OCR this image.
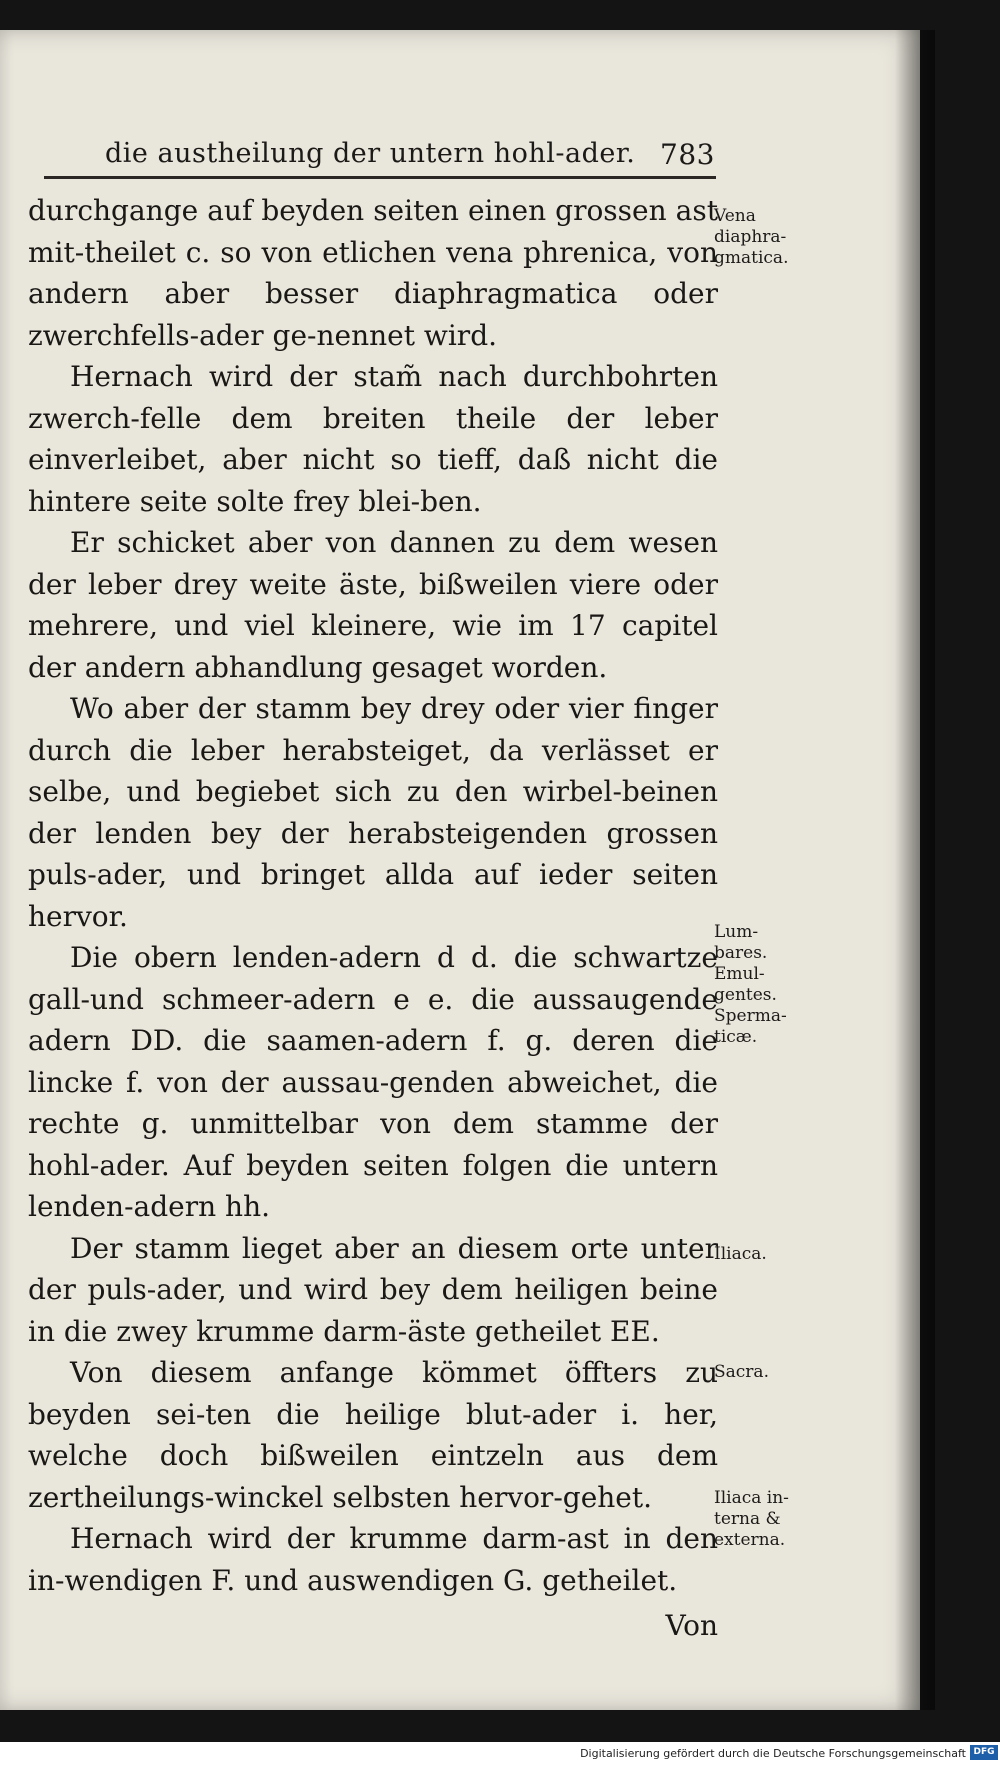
die austheilung der untern hohl-ader. 783

durchgange auf beyden seiten einen grossen ast mit-theilet c. so von etlichen vena phrenica, von andern aber besser diaphragmatica oder zwerchfells-ader ge-nennet wird.

Hernach wird der stam̃ nach durchbohrten zwerch-felle dem breiten theile der leber einverleibet, aber nicht so tieff, daß nicht die hintere seite solte frey blei-ben.

Er schicket aber von dannen zu dem wesen der leber drey weite äste, bißweilen viere oder mehrere, und viel kleinere, wie im 17 capitel der andern abhandlung gesaget worden.

Wo aber der stamm bey drey oder vier finger durch die leber herabsteiget, da verlässet er selbe, und begiebet sich zu den wirbel-beinen der lenden bey der herabsteigenden grossen puls-ader, und bringet allda auf ieder seiten hervor.

Die obern lenden-adern d d. die schwartze gall-und schmeer-adern e e. die aussaugende adern DD. die saamen-adern f. g. deren die lincke f. von der aussau-genden abweichet, die rechte g. unmittelbar von dem stamme der hohl-ader. Auf beyden seiten folgen die untern lenden-adern hh.

Der stamm lieget aber an diesem orte unter der puls-ader, und wird bey dem heiligen beine in die zwey krumme darm-äste getheilet EE.

Von diesem anfange kömmet öffters zu beyden sei-ten die heilige blut-ader i. her, welche doch bißweilen eintzeln aus dem zertheilungs-winckel selbsten hervor-gehet.

Hernach wird der krumme darm-ast in den in-wendigen F. und auswendigen G. getheilet.

Von

Vena diaphra-gmatica.
Lum-bares. Emul-gentes. Sperma-ticæ.
Iliaca.
Sacra.
Iliaca in-terna & externa.
Digitalisierung gefördert durch die Deutsche Forschungsgemeinschaft DFG
